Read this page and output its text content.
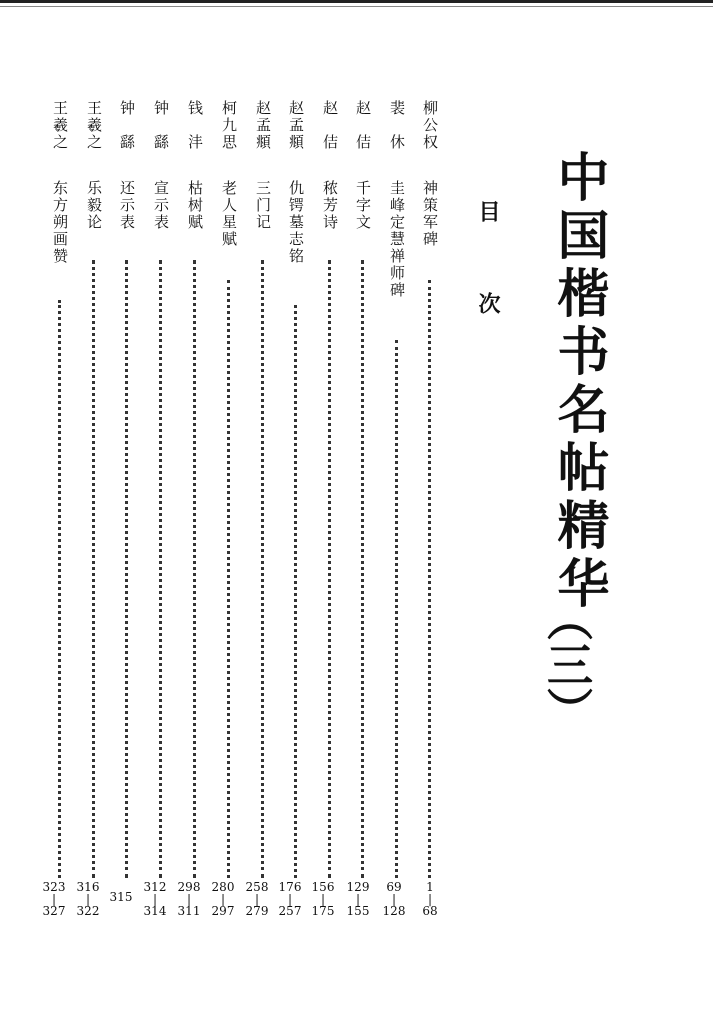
中国楷书名帖精华
（三）
目次
柳公权
神策军碑
裴　休
圭峰定慧禅师碑
赵　佶
千字文
赵　佶
秾芳诗
赵孟頫
仇锷墓志铭
赵孟頫
三门记
柯九思
老人星赋
钱　沣
枯树赋
钟　繇
宣示表
钟　繇
还示表
王羲之
乐毅论
王羲之
东方朔画赞
1
|
68
69
|
128
129
|
155
156
|
175
176
|
257
258
|
279
280
|
297
298
|
311
312
|
314

315
316
|
322
323
|
327
